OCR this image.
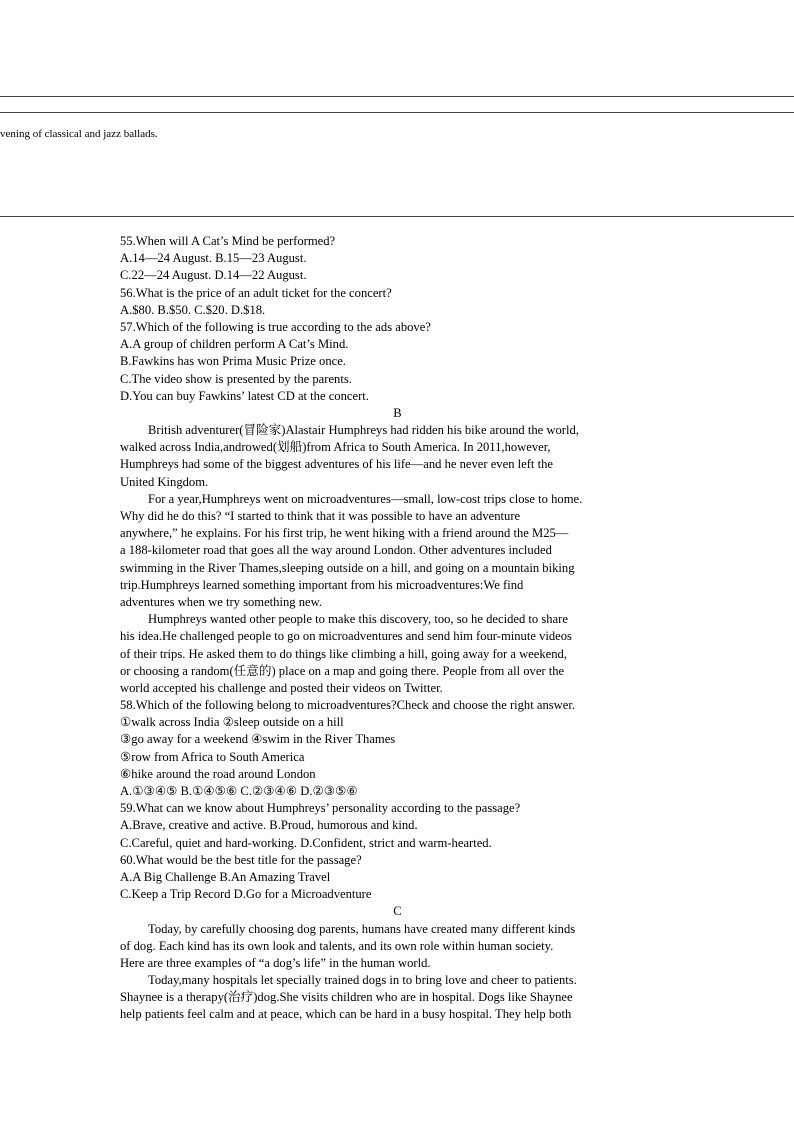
vening of classical and jazz ballads.
55.When will A Cat’s Mind be performed?
A.14—24 August. B.15—23 August.
C.22—24 August. D.14—22 August.
56.What is the price of an adult ticket for the concert?
A.$80. B.$50. C.$20. D.$18.
57.Which of the following is true according to the ads above?
A.A group of children perform A Cat’s Mind.
B.Fawkins has won Prima Music Prize once.
C.The video show is presented by the parents.
D.You can buy Fawkins’ latest CD at the concert.
B
British adventurer(冒险家)Alastair Humphreys had ridden his bike around the world,
walked across India,androwed(划船)from Africa to South America. In 2011,however,
Humphreys had some of the biggest adventures of his life—and he never even left the
United Kingdom.
For a year,Humphreys went on microadventures—small, low-cost trips close to home.
Why did he do this? “I started to think that it was possible to have an adventure
anywhere,” he explains. For his first trip, he went hiking with a friend around the M25—
a 188-kilometer road that goes all the way around London. Other adventures included
swimming in the River Thames,sleeping outside on a hill, and going on a mountain biking
trip.Humphreys learned something important from his microadventures:We find
adventures when we try something new.
Humphreys wanted other people to make this discovery, too, so he decided to share
his idea.He challenged people to go on microadventures and send him four-minute videos
of their trips. He asked them to do things like climbing a hill, going away for a weekend,
or choosing a random(任意的) place on a map and going there. People from all over the
world accepted his challenge and posted their videos on Twitter.
58.Which of the following belong to microadventures?Check and choose the right answer.
①walk across India ②sleep outside on a hill
③go away for a weekend ④swim in the River Thames
⑤row from Africa to South America
⑥hike around the road around London
A.①③④⑤ B.①④⑤⑥ C.②③④⑥ D.②③⑤⑥
59.What can we know about Humphreys’ personality according to the passage?
A.Brave, creative and active. B.Proud, humorous and kind.
C.Careful, quiet and hard-working. D.Confident, strict and warm-hearted.
60.What would be the best title for the passage?
A.A Big Challenge B.An Amazing Travel
C.Keep a Trip Record D.Go for a Microadventure
C
Today, by carefully choosing dog parents, humans have created many different kinds
of dog. Each kind has its own look and talents, and its own role within human society.
Here are three examples of “a dog’s life” in the human world.
Today,many hospitals let specially trained dogs in to bring love and cheer to patients.
Shaynee is a therapy(治疗)dog.She visits children who are in hospital. Dogs like Shaynee
help patients feel calm and at peace, which can be hard in a busy hospital. They help both
